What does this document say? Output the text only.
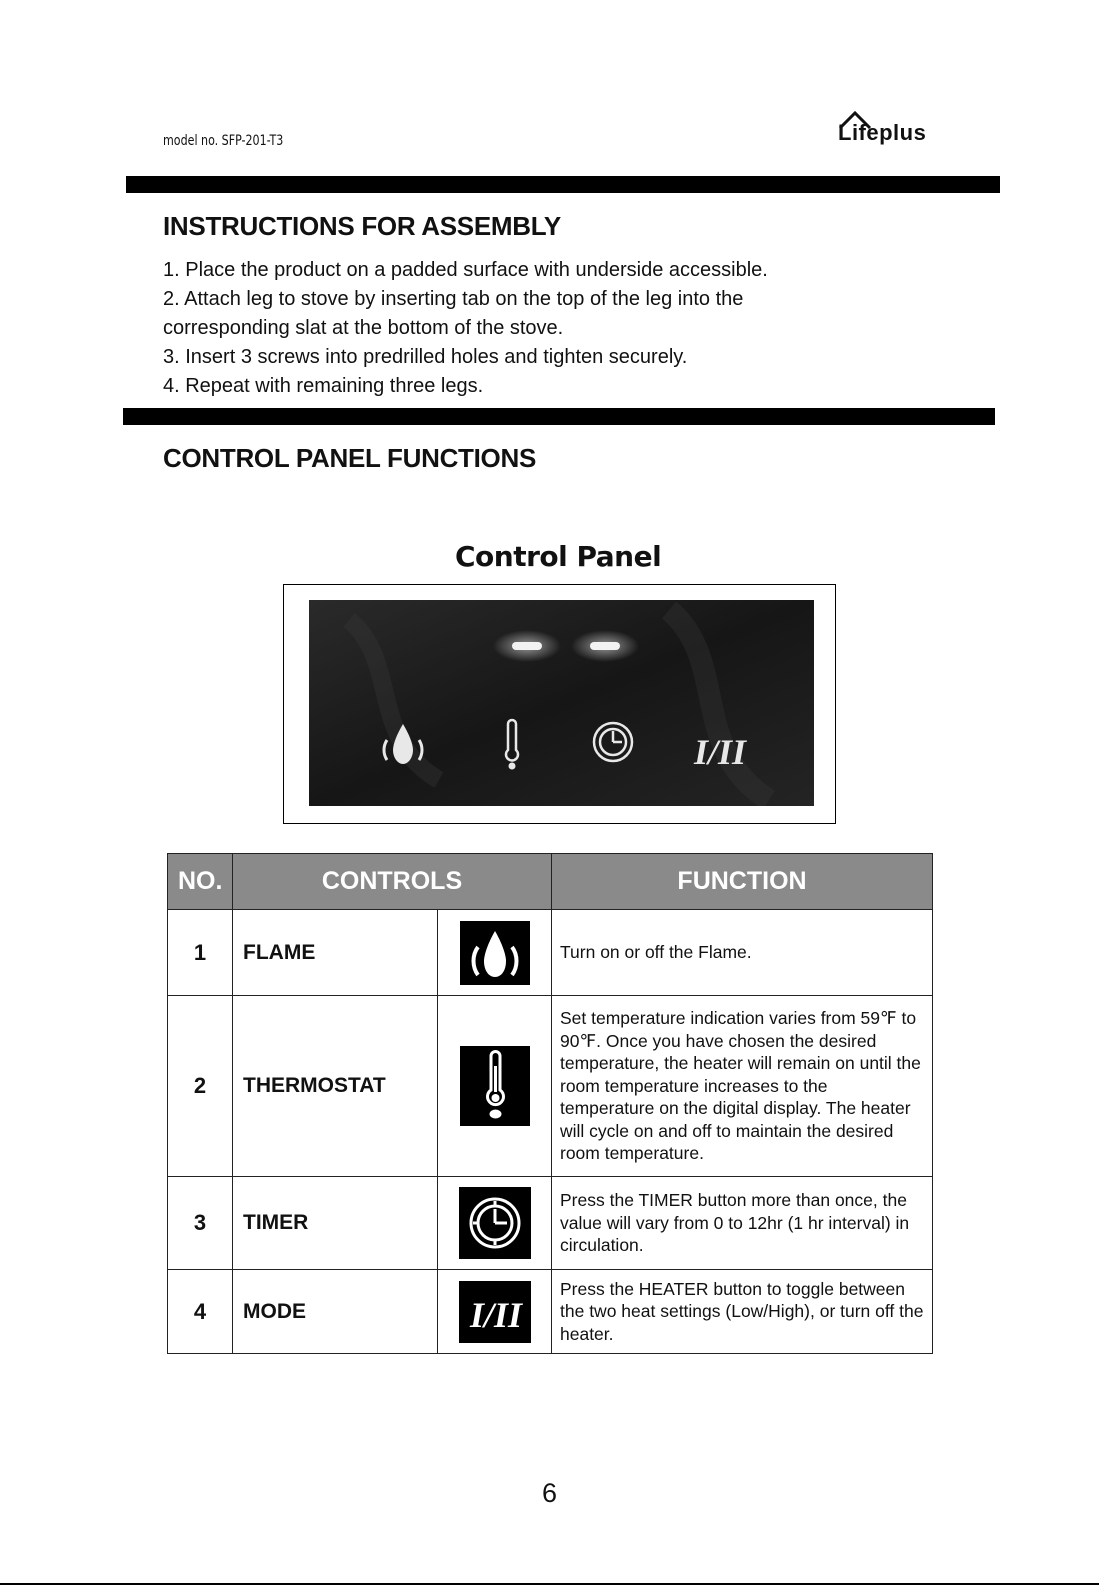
model no. SFP-201-T3	Lifeplus
INSTRUCTIONS FOR ASSEMBLY

1. Place the product on a padded surface with underside accessible.

2. Attach leg to stove by inserting tab on the top of the leg into the

corresponding slat at the bottom of the stove.

3. Insert 3 screws into predrilled holes and tighten securely.

4. Repeat with remaining three legs.

CONTROL PANEL FUNCTIONS
Control Panel
I/II
NO.	CONTROLS		FUNCTION
1	FLAME		Turn on or off the Flame.
2	THERMOSTAT		Set temperature indication varies from 59℉ to 90℉. Once you have chosen the desired temperature, the heater will remain on until the room temperature increases to the temperature on the digital display. The heater will cycle on and off to maintain the desired room temperature.
3	TIMER		Press the TIMER button more than once, the value will vary from 0 to 12hr (1 hr interval) in circulation.
4	MODE	I/II	Press the HEATER button to toggle between the two heat settings (Low/High), or turn off the heater.
6
